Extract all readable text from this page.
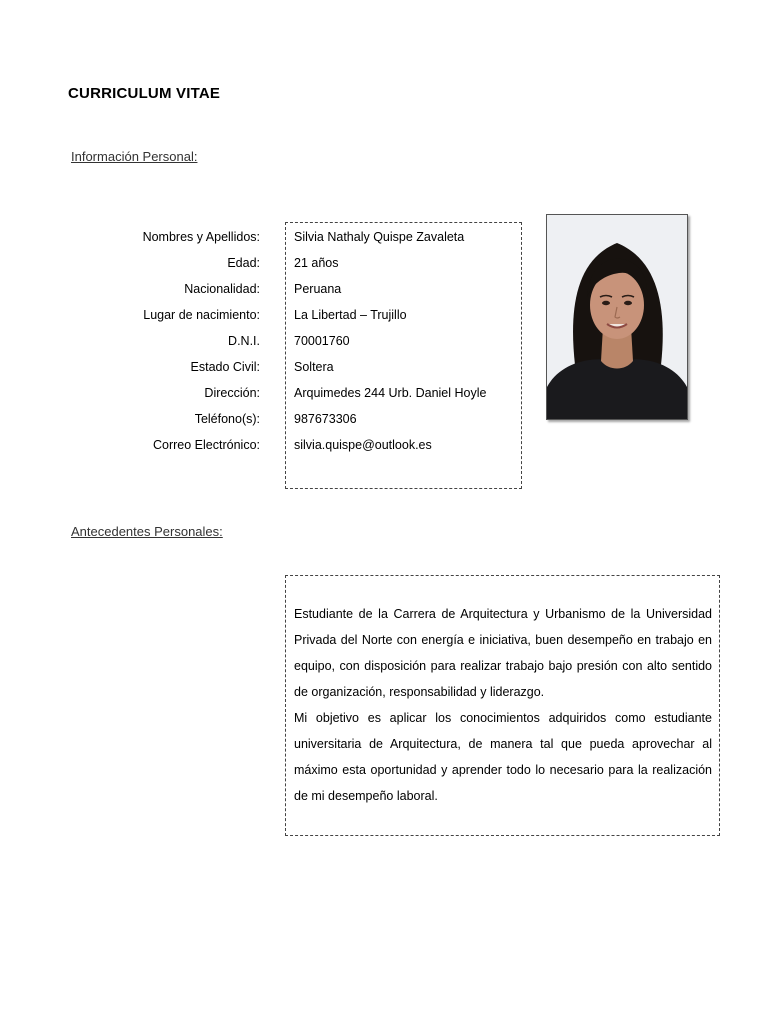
CURRICULUM VITAE
Información Personal:
Nombres y Apellidos:
Edad:
Nacionalidad:
Lugar de nacimiento:
D.N.I.
Estado Civil:
Dirección:
Teléfono(s):
Correo Electrónico:
Silvia Nathaly Quispe Zavaleta
21 años
Peruana
La Libertad – Trujillo
70001760
Soltera
Arquimedes 244 Urb. Daniel Hoyle
987673306
silvia.quispe@outlook.es
Antecedentes Personales:

Estudiante de la Carrera de Arquitectura y Urbanismo de la Universidad Privada del Norte con energía e iniciativa, buen desempeño en trabajo en equipo, con disposición para realizar trabajo bajo presión con alto sentido de organización, responsabilidad y liderazgo.

Mi objetivo es aplicar los conocimientos adquiridos como estudiante universitaria de Arquitectura, de manera tal que pueda aprovechar al máximo esta oportunidad y aprender todo lo necesario para la realización de mi desempeño laboral.
